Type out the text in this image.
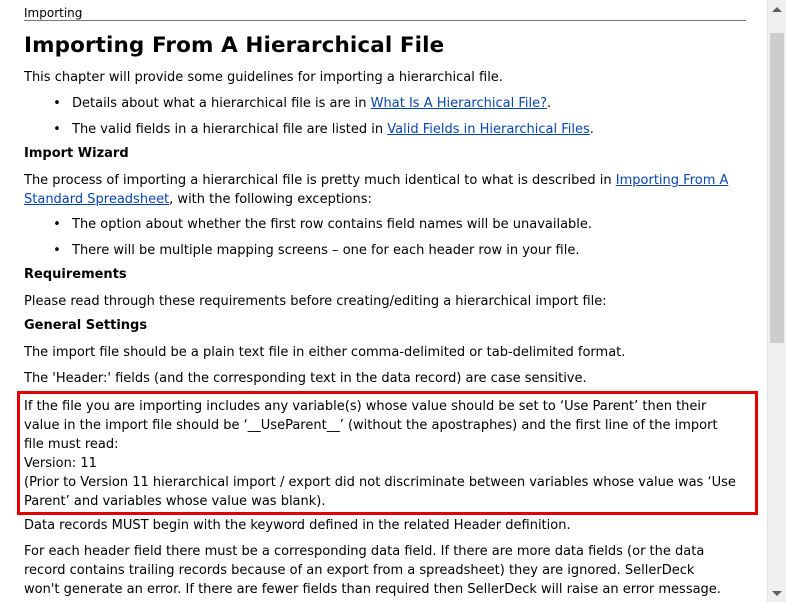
Importing
Importing From A Hierarchical File

This chapter will provide some guidelines for importing a hierarchical file.

• Details about what a hierarchical file is are in What Is A Hierarchical File?.
• The valid fields in a hierarchical file are listed in Valid Fields in Hierarchical Files.
Import Wizard

The process of importing a hierarchical file is pretty much identical to what is described in Importing From A
Standard Spreadsheet, with the following exceptions:

• The option about whether the first row contains field names will be unavailable.
• There will be multiple mapping screens – one for each header row in your file.
Requirements

Please read through these requirements before creating/editing a hierarchical import file:

General Settings

The import file should be a plain text file in either comma-delimited or tab-delimited format.

The 'Header:' fields (and the corresponding text in the data record) are case sensitive.

If the file you are importing includes any variable(s) whose value should be set to ‘Use Parent’ then their
value in the import file should be ‘__UseParent__’ (without the apostraphes) and the first line of the import
file must read:
Version: 11
(Prior to Version 11 hierarchical import / export did not discriminate between variables whose value was ‘Use
Parent’ and variables whose value was blank).

Data records MUST begin with the keyword defined in the related Header definition.

For each header field there must be a corresponding data field. If there are more data fields (or the data
record contains trailing records because of an export from a spreadsheet) they are ignored. SellerDeck
won't generate an error. If there are fewer fields than required then SellerDeck will raise an error message.
